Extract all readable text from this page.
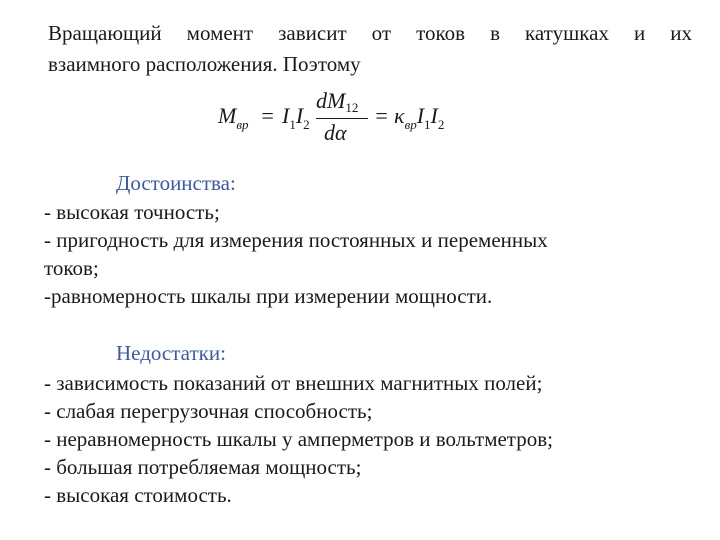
Вращающий момент зависит от токов в катушках и их
взаимного расположения. Поэтому
$M_{вр} = I_1I_2$
dM12
dα
= $\kappa_{вр}I_1I_2$
Достоинства:
- высокая точность;
- пригодность для измерения постоянных и переменных
токов;
-равномерность шкалы при измерении мощности.
Недостатки:
- зависимость показаний от внешних магнитных полей;
- слабая перегрузочная способность;
- неравномерность шкалы у амперметров и вольтметров;
- большая потребляемая мощность;
- высокая стоимость.
